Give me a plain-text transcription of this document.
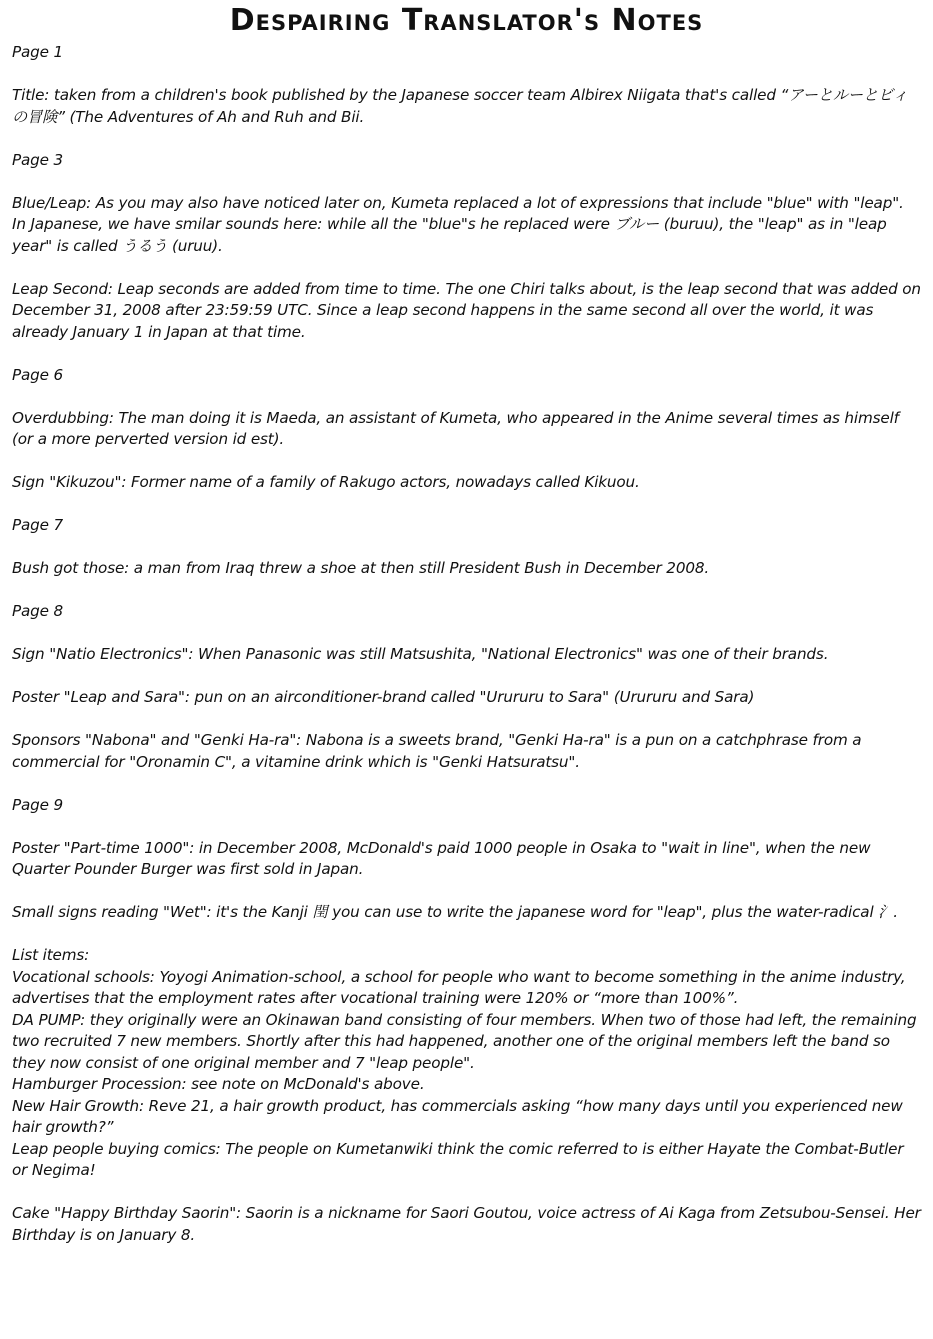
Despairing Translator's Notes

Page 1

Title: taken from a children's book published by the Japanese soccer team Albirex Niigata that's called “アーとルーとビィの冒険” (The Adventures of Ah and Ruh and Bii.

Page 3

Blue/Leap: As you may also have noticed later on, Kumeta replaced a lot of expressions that include "blue" with "leap". In Japanese, we have smilar sounds here: while all the "blue"s he replaced were ブルー (buruu), the "leap" as in "leap year" is called うるう (uruu).

Leap Second: Leap seconds are added from time to time. The one Chiri talks about, is the leap second that was added on December 31, 2008 after 23:59:59 UTC. Since a leap second happens in the same second all over the world, it was already January 1 in Japan at that time.

Page 6

Overdubbing: The man doing it is Maeda, an assistant of Kumeta, who appeared in the Anime several times as himself (or a more perverted version id est).

Sign "Kikuzou": Former name of a family of Rakugo actors, nowadays called Kikuou.

Page 7

Bush got those: a man from Iraq threw a shoe at then still President Bush in December 2008.

Page 8

Sign "Natio Electronics": When Panasonic was still Matsushita, "National Electronics" was one of their brands.

Poster "Leap and Sara": pun on an airconditioner-brand called "Urururu to Sara" (Urururu and Sara)

Sponsors "Nabona" and "Genki Ha-ra": Nabona is a sweets brand, "Genki Ha-ra" is a pun on a catchphrase from a commercial for "Oronamin C", a vitamine drink which is "Genki Hatsuratsu".

Page 9

Poster "Part-time 1000": in December 2008, McDonald's paid 1000 people in Osaka to "wait in line", when the new Quarter Pounder Burger was first sold in Japan.

Small signs reading "Wet": it's the Kanji 閏 you can use to write the japanese word for "leap", plus the water-radical 氵.

List items:

Vocational schools: Yoyogi Animation-school, a school for people who want to become something in the anime industry, advertises that the employment rates after vocational training were 120% or “more than 100%”.

DA PUMP: they originally were an Okinawan band consisting of four members. When two of those had left, the remaining two recruited 7 new members. Shortly after this had happened, another one of the original members left the band so they now consist of one original member and 7 "leap people".

Hamburger Procession: see note on McDonald's above.

New Hair Growth: Reve 21, a hair growth product, has commercials asking “how many days until you experienced new hair growth?”

Leap people buying comics: The people on Kumetanwiki think the comic referred to is either Hayate the Combat-Butler or Negima!

Cake "Happy Birthday Saorin": Saorin is a nickname for Saori Goutou, voice actress of Ai Kaga from Zetsubou-Sensei. Her Birthday is on January 8.
